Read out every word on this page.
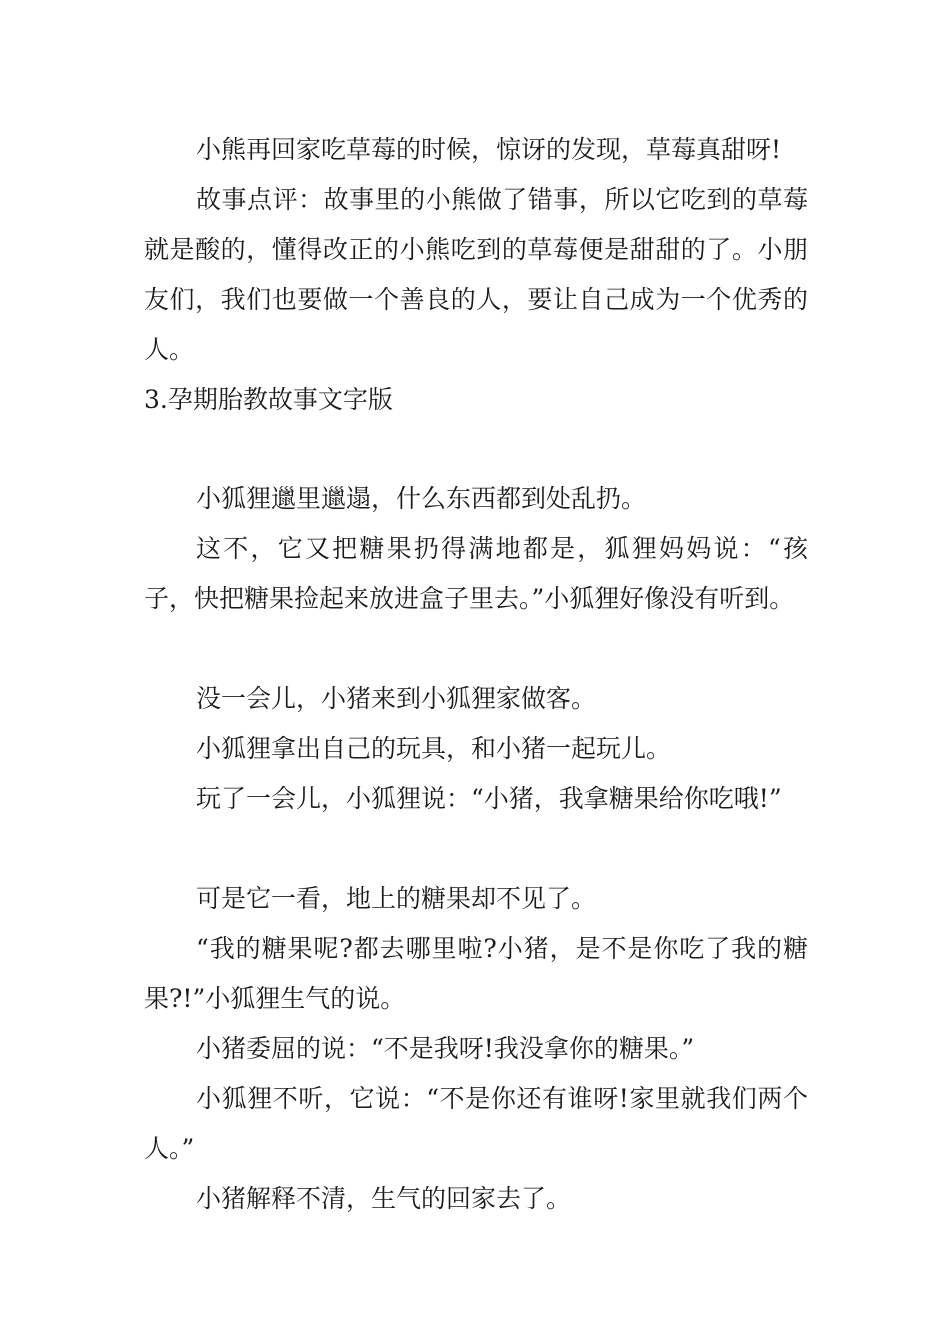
小熊再回家吃草莓的时候，惊讶的发现，草莓真甜呀!

故事点评：故事里的小熊做了错事，所以它吃到的草莓就是酸的，懂得改正的小熊吃到的草莓便是甜甜的了。小朋友们，我们也要做一个善良的人，要让自己成为一个优秀的人。

3.孕期胎教故事文字版

小狐狸邋里邋遢，什么东西都到处乱扔。

这不，它又把糖果扔得满地都是，狐狸妈妈说：“孩子，快把糖果捡起来放进盒子里去。”小狐狸好像没有听到。

没一会儿，小猪来到小狐狸家做客。

小狐狸拿出自己的玩具，和小猪一起玩儿。

玩了一会儿，小狐狸说：“小猪，我拿糖果给你吃哦!”

可是它一看，地上的糖果却不见了。

“我的糖果呢?都去哪里啦?小猪，是不是你吃了我的糖果?!”小狐狸生气的说。

小猪委屈的说：“不是我呀!我没拿你的糖果。”

小狐狸不听，它说：“不是你还有谁呀!家里就我们两个人。”

小猪解释不清，生气的回家去了。
